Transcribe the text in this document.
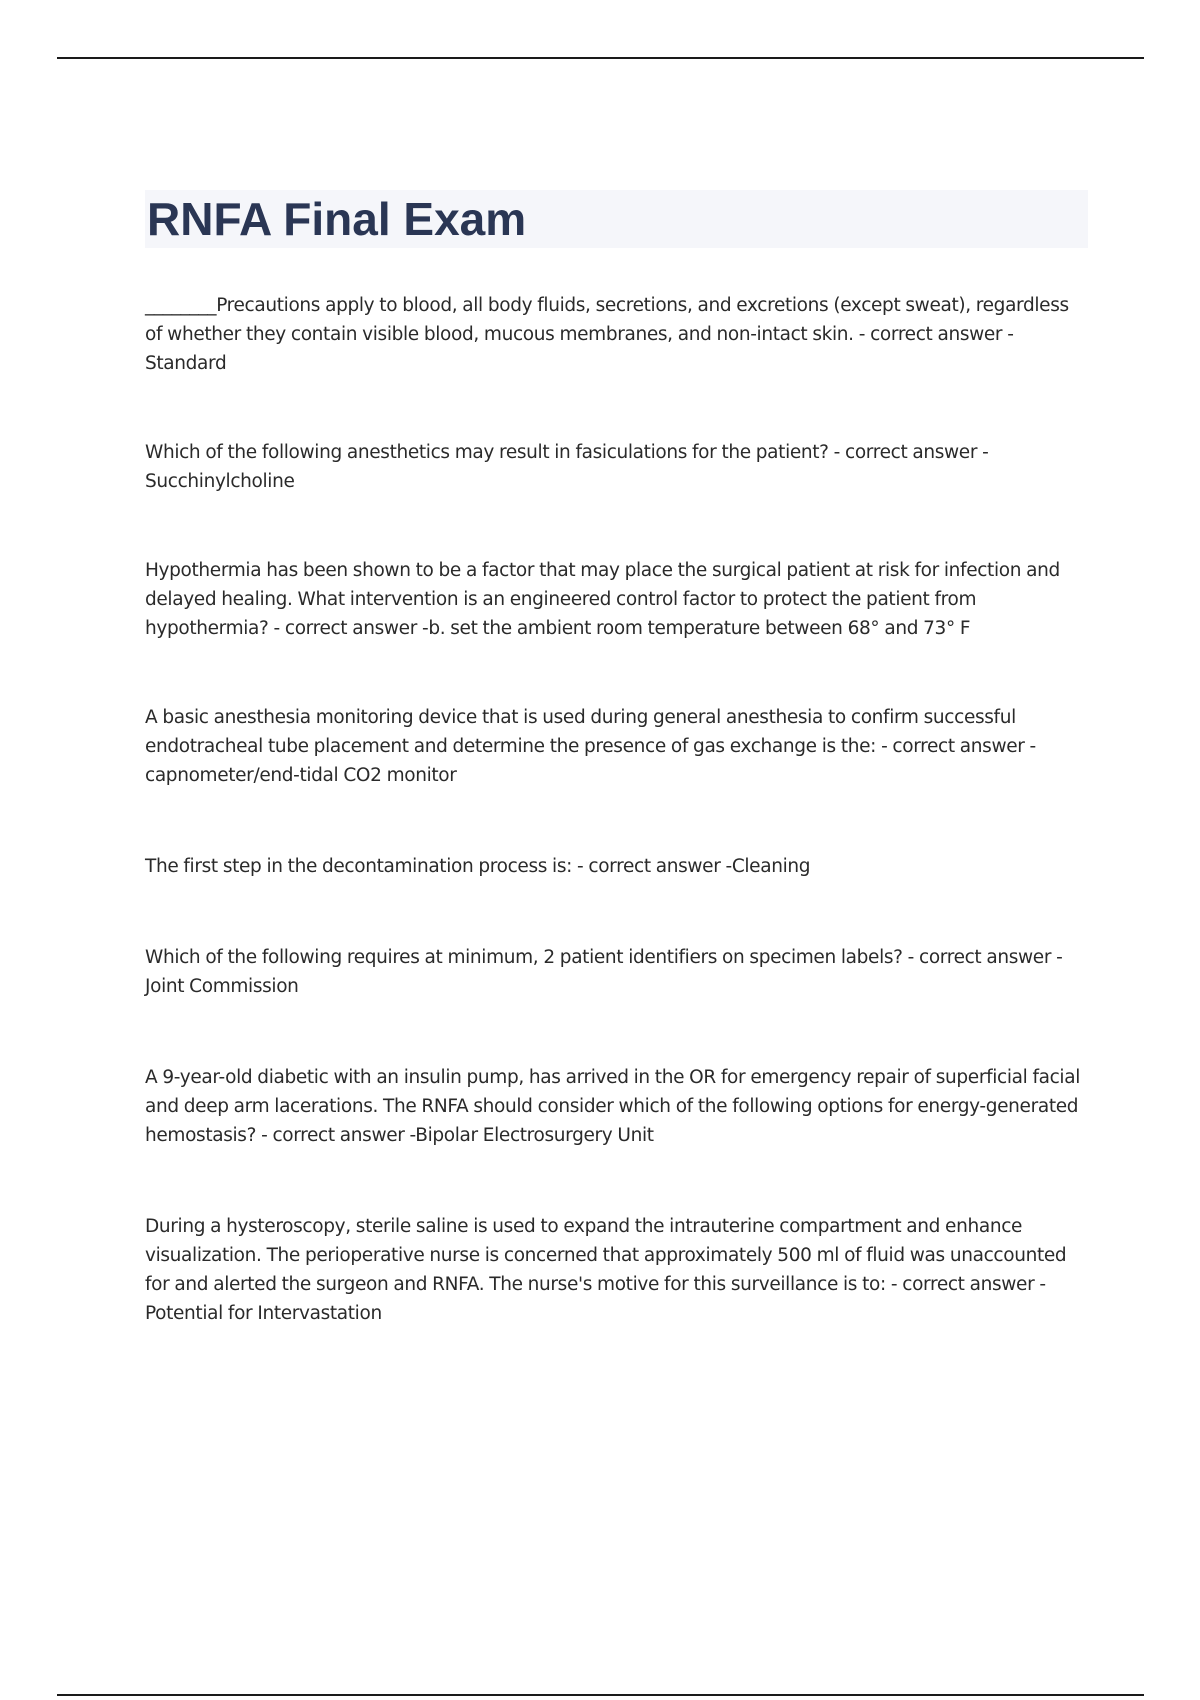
RNFA Final Exam
________Precautions apply to blood, all body fluids, secretions, and excretions (except sweat), regardless of whether they contain visible blood, mucous membranes, and non-intact skin. - correct answer - Standard
Which of the following anesthetics may result in fasiculations for the patient? - correct answer - Succhinylcholine
Hypothermia has been shown to be a factor that may place the surgical patient at risk for infection and delayed healing. What intervention is an engineered control factor to protect the patient from hypothermia? - correct answer -b. set the ambient room temperature between 68° and 73° F
A basic anesthesia monitoring device that is used during general anesthesia to confirm successful endotracheal tube placement and determine the presence of gas exchange is the: - correct answer - capnometer/end-tidal CO2 monitor
The first step in the decontamination process is: - correct answer -Cleaning
Which of the following requires at minimum, 2 patient identifiers on specimen labels? - correct answer - Joint Commission
A 9-year-old diabetic with an insulin pump, has arrived in the OR for emergency repair of superficial facial and deep arm lacerations. The RNFA should consider which of the following options for energy-generated hemostasis? - correct answer -Bipolar Electrosurgery Unit
During a hysteroscopy, sterile saline is used to expand the intrauterine compartment and enhance visualization. The perioperative nurse is concerned that approximately 500 ml of fluid was unaccounted for and alerted the surgeon and RNFA. The nurse's motive for this surveillance is to: - correct answer - Potential for Intervastation
